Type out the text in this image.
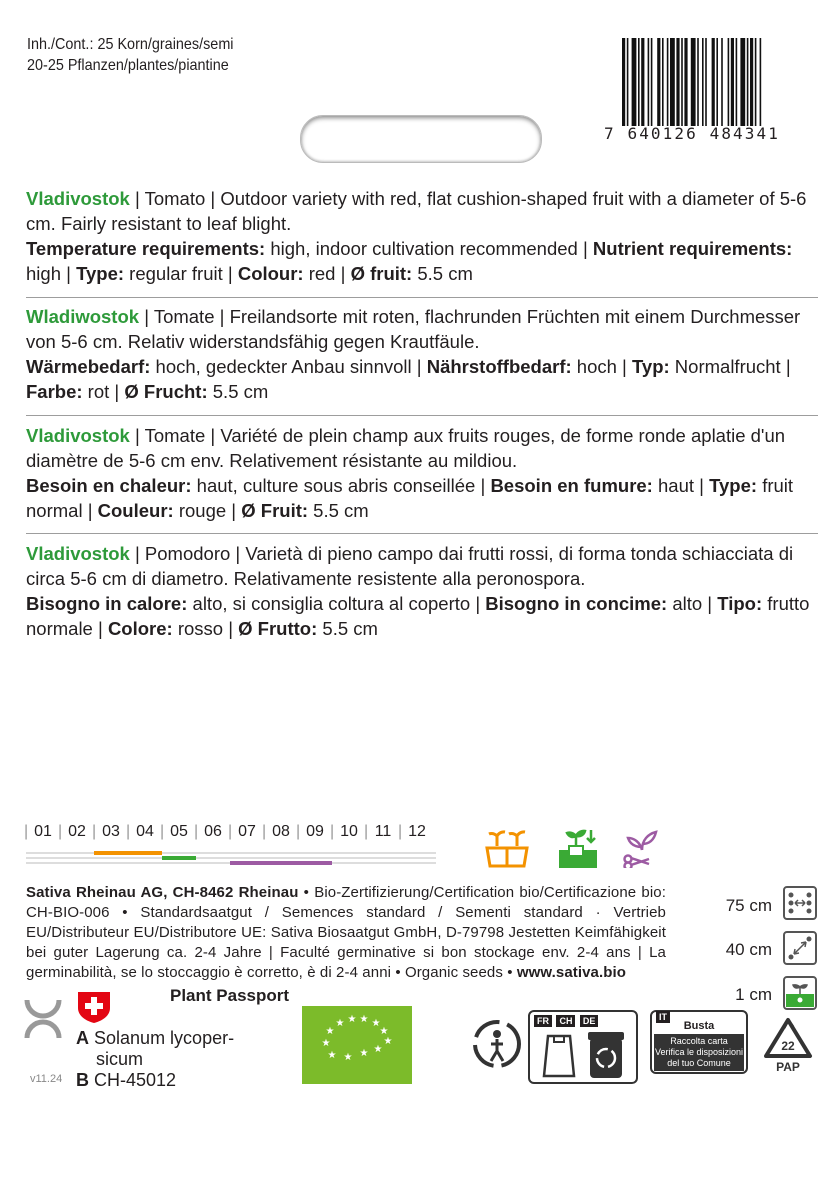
Inh./Cont.: 25 Korn/graines/semi
20-25 Pflanzen/plantes/piantine
7 640126 484341
Vladivostok | Tomato | Outdoor variety with red, flat cushion-shaped fruit with a diameter of 5-6 cm. Fairly resistant to leaf blight.
Temperature requirements: high, indoor cultivation recommended | Nutrient requirements: high | Type: regular fruit | Colour: red | Ø fruit: 5.5 cm
Wladiwostok | Tomate | Freilandsorte mit roten, flachrunden Früchten mit einem Durchmesser von 5-6 cm. Relativ widerstandsfähig gegen Krautfäule.
Wärmebedarf: hoch, gedeckter Anbau sinnvoll | Nährstoffbedarf: hoch | Typ: Normalfrucht | Farbe: rot | Ø Frucht: 5.5 cm
Vladivostok | Tomate | Variété de plein champ aux fruits rouges, de forme ronde aplatie d'un diamètre de 5-6 cm env. Relativement résistante au mildiou.
Besoin en chaleur: haut, culture sous abris conseillée | Besoin en fumure: haut | Type: fruit normal | Couleur: rouge | Ø Fruit: 5.5 cm
Vladivostok | Pomodoro | Varietà di pieno campo dai frutti rossi, di forma tonda schiacciata di circa 5-6 cm di diametro. Relativamente resistente alla peronospora.
Bisogno in calore: alto, si consiglia coltura al coperto | Bisogno in concime: alto | Tipo: frutto normale | Colore: rosso | Ø Frutto: 5.5 cm
| 01	| 02	| 03	| 04	| 05	| 06	| 07	| 08	| 09	| 10	| 11	| 12
Sativa Rheinau AG, CH-8462 Rheinau • Bio-Zertifizierung/Certification bio/Certificazione bio: CH-BIO-006 • Standardsaatgut / Semences standard / Sementi standard · Vertrieb EU/Distributeur EU/Distributore UE: Sativa Biosaatgut GmbH, D-79798 Jestetten Keimfähigkeit bei guter Lagerung ca. 2-4 Jahre | Faculté germinative si bon stockage env. 2-4 ans | La germinabilità, se lo stoccaggio è corretto, è di 2-4 anni • Organic seeds • www.sativa.bio
75 cm
40 cm
1 cm
Plant Passport
A Solanum lycoper-
sicum
B CH-45012
v11.24
★
★
★
★ ★ ★ ★
★
★
★
★
★
FR CH DE	IT
Busta
Raccolta carta
Verifica le disposizioni
del tuo Comune
22
PAP
